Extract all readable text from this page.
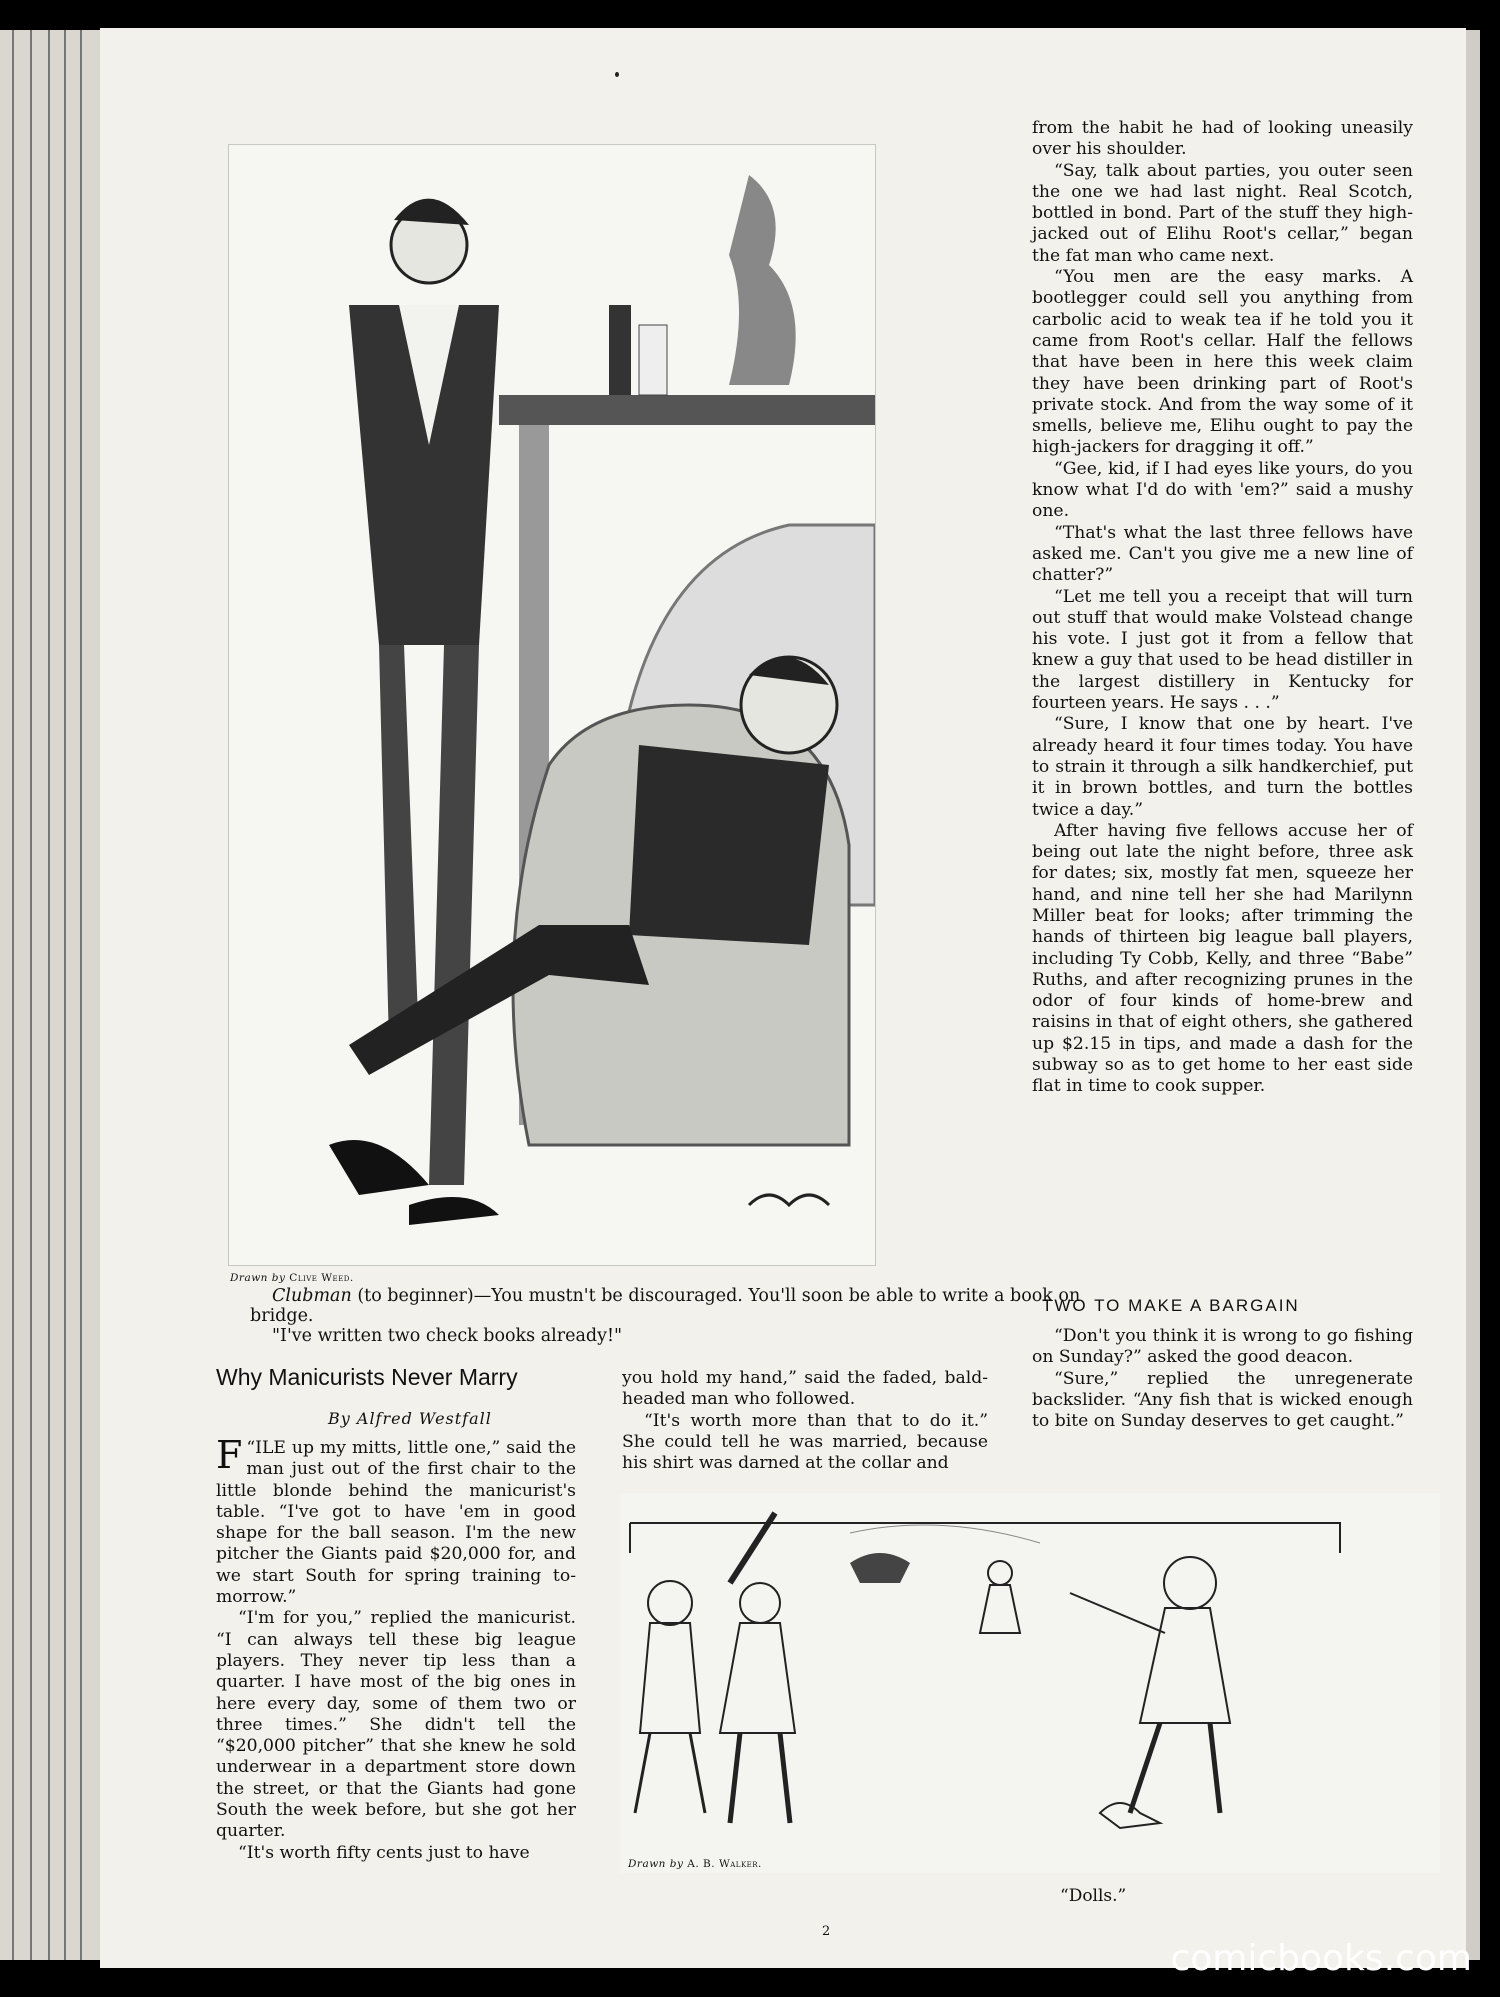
Drawn by Clive Weed.

Clubman (to beginner)—You mustn't be discouraged. You'll soon be able to write a book on bridge.

"I've written two check books already!"

Why Manicurists Never Marry
By Alfred Westfall

“
F ILE up my mitts, little one,” said the man just out of the first chair to the little blonde behind the manicurist's table. “I've got to have 'em in good shape for the ball season. I'm the new pitcher the Giants paid $20,000 for, and we start South for spring training to-morrow.”

“I'm for you,” replied the manicurist. “I can always tell these big league players. They never tip less than a quarter. I have most of the big ones in here every day, some of them two or three times.” She didn't tell the “$20,000 pitcher” that she knew he sold underwear in a department store down the street, or that the Giants had gone South the week before, but she got her quarter.

“It's worth fifty cents just to have

you hold my hand,” said the faded, bald-headed man who followed.

“It's worth more than that to do it.” She could tell he was married, because his shirt was darned at the collar and

from the habit he had of looking uneasily over his shoulder.

“Say, talk about parties, you outer seen the one we had last night. Real Scotch, bottled in bond. Part of the stuff they high-jacked out of Elihu Root's cellar,” began the fat man who came next.

“You men are the easy marks. A bootlegger could sell you anything from carbolic acid to weak tea if he told you it came from Root's cellar. Half the fellows that have been in here this week claim they have been drinking part of Root's private stock. And from the way some of it smells, believe me, Elihu ought to pay the high-jackers for dragging it off.”

“Gee, kid, if I had eyes like yours, do you know what I'd do with 'em?” said a mushy one.

“That's what the last three fellows have asked me. Can't you give me a new line of chatter?”

“Let me tell you a receipt that will turn out stuff that would make Volstead change his vote. I just got it from a fellow that knew a guy that used to be head distiller in the largest distillery in Kentucky for fourteen years. He says . . .”

“Sure, I know that one by heart. I've already heard it four times today. You have to strain it through a silk handkerchief, put it in brown bottles, and turn the bottles twice a day.”

After having five fellows accuse her of being out late the night before, three ask for dates; six, mostly fat men, squeeze her hand, and nine tell her she had Marilynn Miller beat for looks; after trimming the hands of thirteen big league ball players, including Ty Cobb, Kelly, and three “Babe” Ruths, and after recognizing prunes in the odor of four kinds of home-brew and raisins in that of eight others, she gathered up $2.15 in tips, and made a dash for the subway so as to get home to her east side flat in time to cook supper.

TWO TO MAKE A BARGAIN

“Don't you think it is wrong to go fishing on Sunday?” asked the good deacon.

“Sure,” replied the unregenerate backslider. “Any fish that is wicked enough to bite on Sunday deserves to get caught.”

Drawn by A. B. Walker.
“Dolls.”
2
comicbooks.com
